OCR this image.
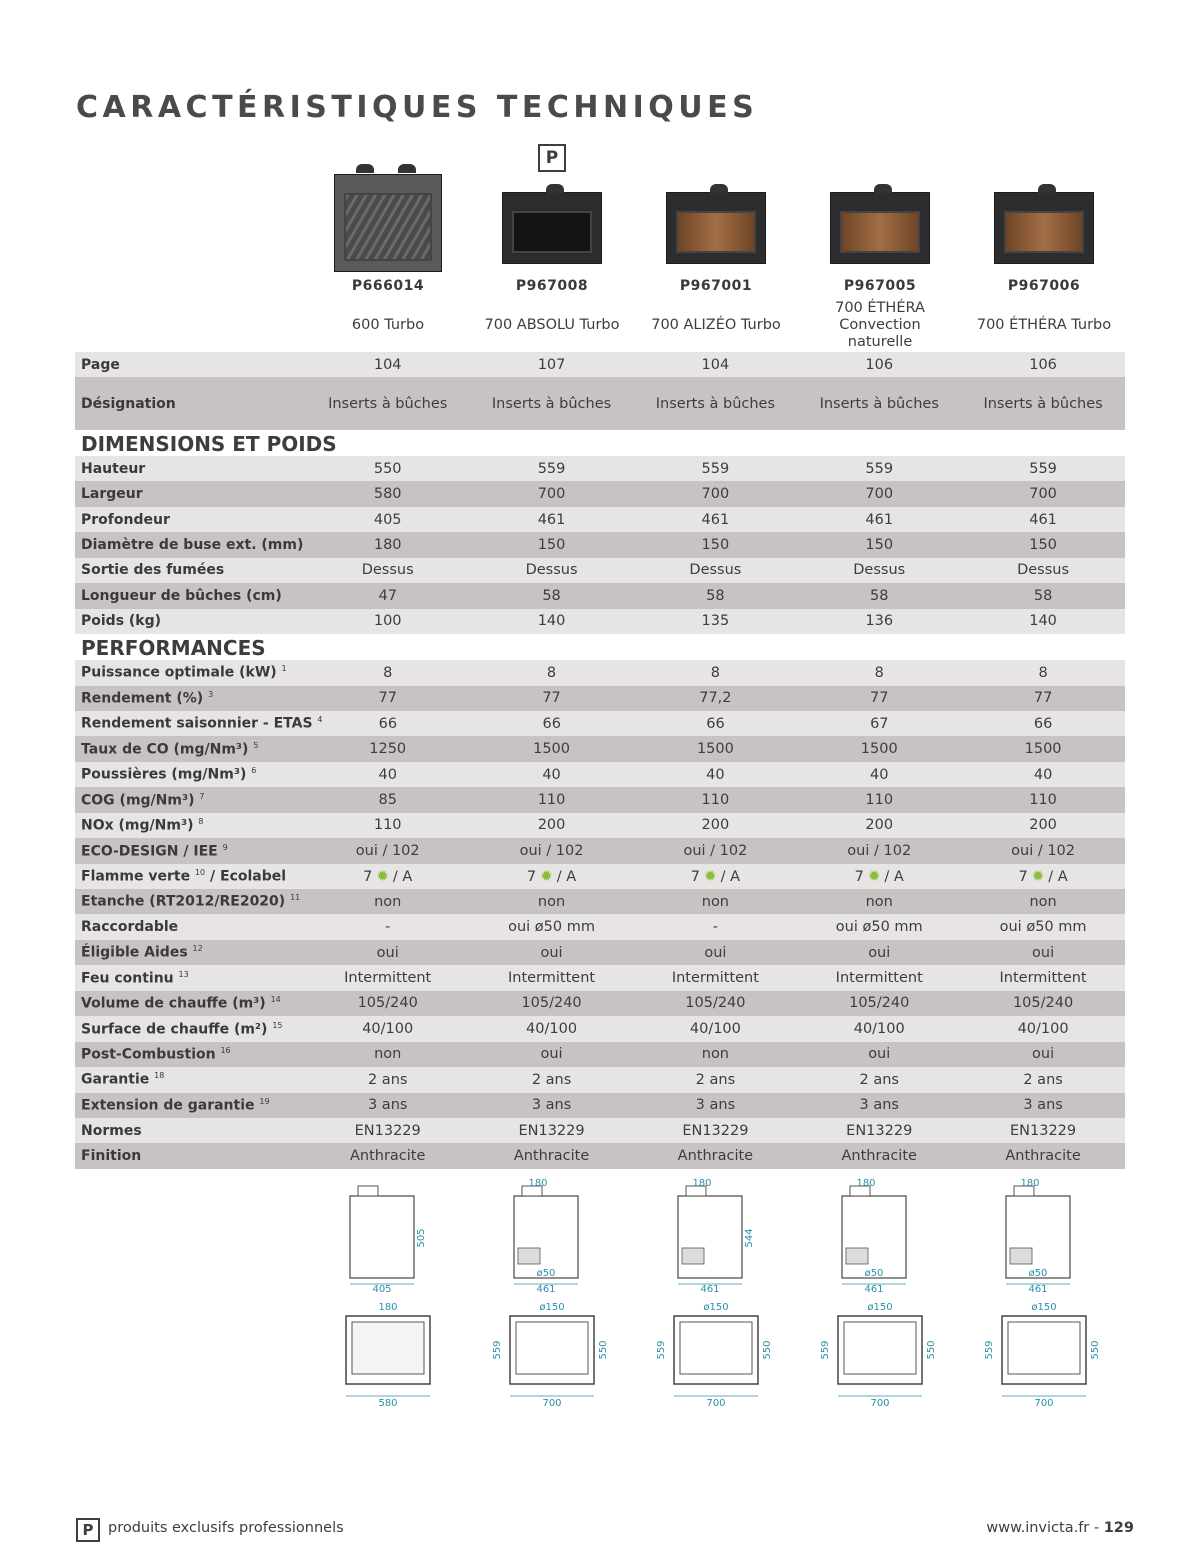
CARACTÉRISTIQUES TECHNIQUES
P666014
600 Turbo
P
P967008
700 ABSOLU Turbo
P967001
700 ALIZÉO Turbo
P967005
700 ÉTHÉRA Convection naturelle
P967006
700 ÉTHÉRA Turbo
Page	104	107	104	106	106
Désignation	Inserts à bûches	Inserts à bûches	Inserts à bûches	Inserts à bûches	Inserts à bûches
DIMENSIONS ET POIDS
Hauteur	550	559	559	559	559
Largeur	580	700	700	700	700
Profondeur	405	461	461	461	461
Diamètre de buse ext. (mm)	180	150	150	150	150
Sortie des fumées	Dessus	Dessus	Dessus	Dessus	Dessus
Longueur de bûches (cm)	47	58	58	58	58
Poids (kg)	100	140	135	136	140
PERFORMANCES
Puissance optimale (kW) $^1$	8	8	8	8	8
Rendement (%) $^3$	77	77	77,2	77	77
Rendement saisonnier - ETAS $^4$	66	66	66	67	66
Taux de CO (mg/Nm³) $^5$	1250	1500	1500	1500	1500
Poussières (mg/Nm³) $^6$	40	40	40	40	40
COG (mg/Nm³) $^7$	85	110	110	110	110
NOx (mg/Nm³) $^8$	110	200	200	200	200
ECO-DESIGN / IEE $^9$	oui / 102	oui / 102	oui / 102	oui / 102	oui / 102
Flamme verte $^{10}$ / Ecolabel	7 ✹ / A	7 ✹ / A	7 ✹ / A	7 ✹ / A	7 ✹ / A
Etanche (RT2012/RE2020) $^{11}$	non	non	non	non	non
Raccordable	-	oui ø50 mm	-	oui ø50 mm	oui ø50 mm
Éligible Aides $^{12}$	oui	oui	oui	oui	oui
Feu continu $^{13}$	Intermittent	Intermittent	Intermittent	Intermittent	Intermittent
Volume de chauffe (m³) $^{14}$	105/240	105/240	105/240	105/240	105/240
Surface de chauffe (m²) $^{15}$	40/100	40/100	40/100	40/100	40/100
Post-Combustion $^{16}$	non	oui	non	oui	oui
Garantie $^{18}$	2 ans	2 ans	2 ans	2 ans	2 ans
Extension de garantie $^{19}$	3 ans	3 ans	3 ans	3 ans	3 ans
Normes	EN13229	EN13229	EN13229	EN13229	EN13229
Finition	Anthracite	Anthracite	Anthracite	Anthracite	Anthracite
505
405
180
580
180
ø50
461
ø150
559	550
700
180
544
461
ø150
559	550
700
180
ø50
461
ø150
559	550
700
180
ø50
461
ø150
559	550
700
P	produits exclusifs professionnels	www.invicta.fr - 129
